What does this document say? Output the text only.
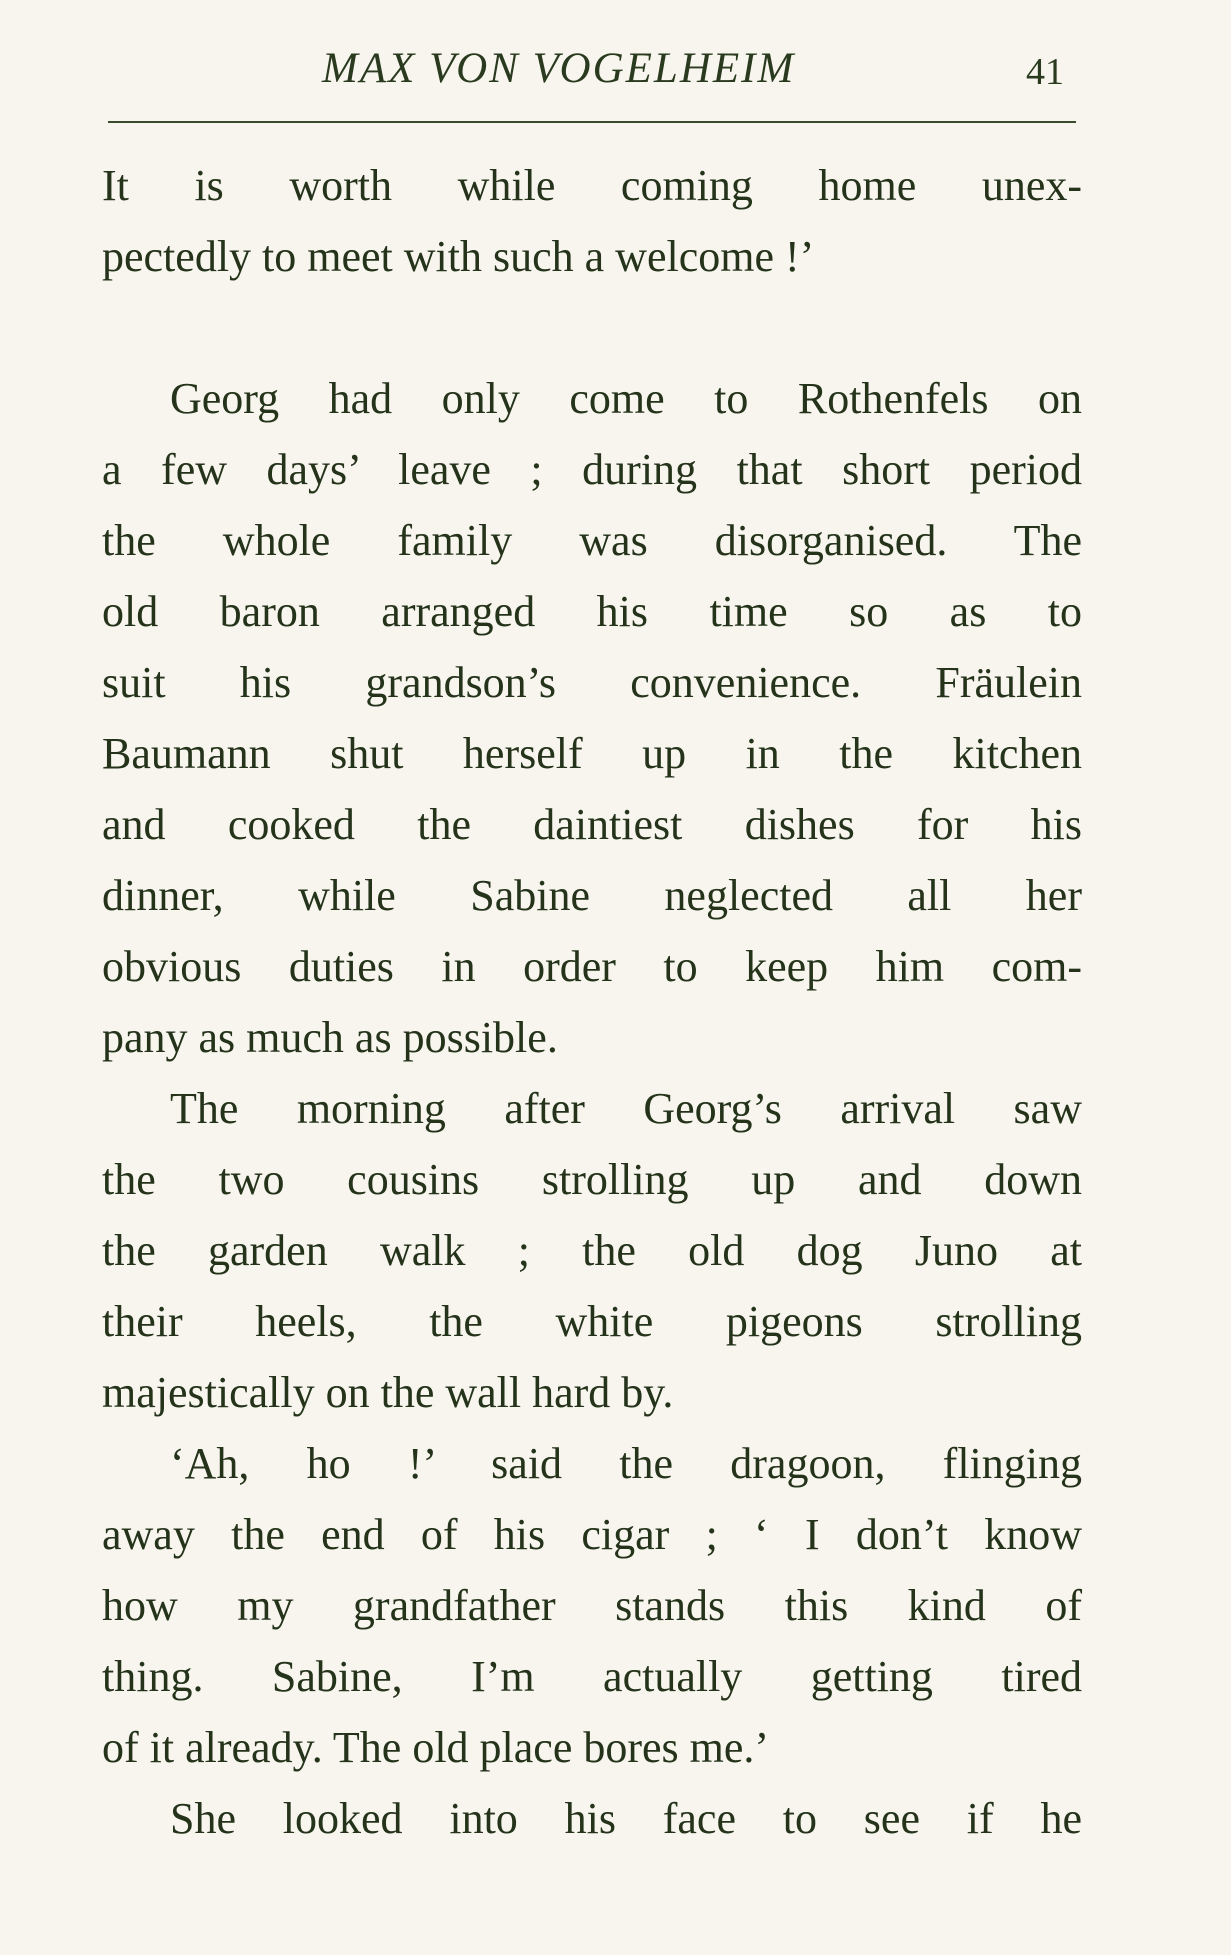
MAX VON VOGELHEIM	41
It is worth while coming home unex-
pectedly to meet with such a welcome !’
Georg had only come to Rothenfels on
a few days’ leave ; during that short period
the whole family was disorganised. The
old baron arranged his time so as to
suit his grandson’s convenience. Fräulein
Baumann shut herself up in the kitchen
and cooked the daintiest dishes for his
dinner, while Sabine neglected all her
obvious duties in order to keep him com-
pany as much as possible.
The morning after Georg’s arrival saw
the two cousins strolling up and down
the garden walk ; the old dog Juno at
their heels, the white pigeons strolling
majestically on the wall hard by.
‘Ah, ho !’ said the dragoon, flinging
away the end of his cigar ; ‘ I don’t know
how my grandfather stands this kind of
thing. Sabine, I’m actually getting tired
of it already. The old place bores me.’
She looked into his face to see if he
